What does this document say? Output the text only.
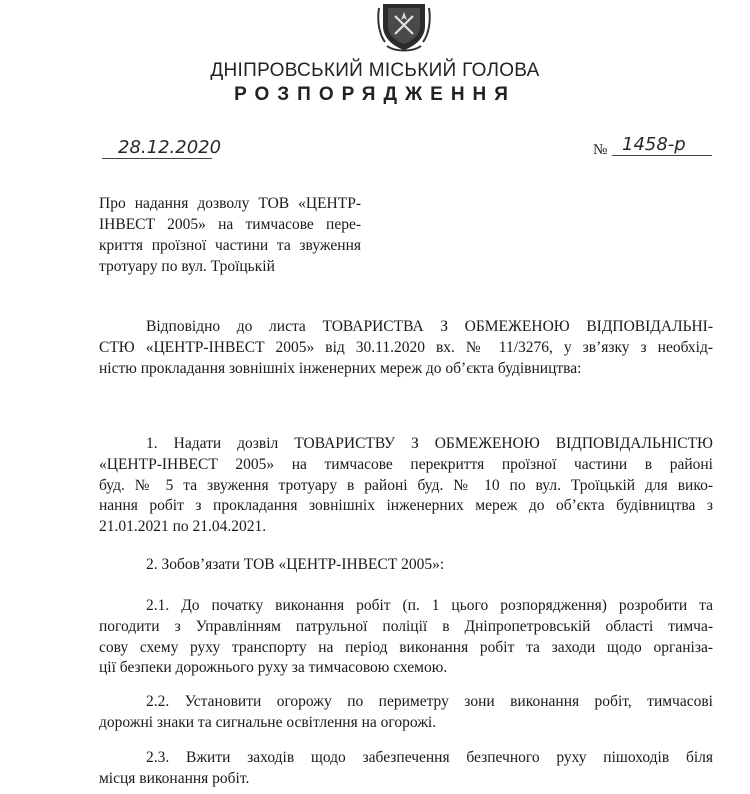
ДНІПРОВСЬКИЙ МІСЬКИЙ ГОЛОВА
РОЗПОРЯДЖЕННЯ
28.12.2020	№ 1458-р
Про надання дозволу ТОВ «ЦЕНТР-
ІНВЕСТ 2005» на тимчасове пере-
криття проїзної частини та звуження
тротуару по вул. Троїцькій
Відповідно до листа ТОВАРИСТВА З ОБМЕЖЕНОЮ ВІДПОВІДАЛЬНІ-
СТЮ «ЦЕНТР-ІНВЕСТ 2005» від 30.11.2020 вх. № 11/3276, у зв’язку з необхід-
ністю прокладання зовнішніх інженерних мереж до об’єкта будівництва:
1. Надати дозвіл ТОВАРИСТВУ З ОБМЕЖЕНОЮ ВІДПОВІДАЛЬНІСТЮ
«ЦЕНТР-ІНВЕСТ 2005» на тимчасове перекриття проїзної частини в районі
буд. № 5 та звуження тротуару в районі буд. № 10 по вул. Троїцькій для вико-
нання робіт з прокладання зовнішніх інженерних мереж до об’єкта будівництва з
21.01.2021 по 21.04.2021.
2. Зобов’язати ТОВ «ЦЕНТР-ІНВЕСТ 2005»:
2.1. До початку виконання робіт (п. 1 цього розпорядження) розробити та
погодити з Управлінням патрульної поліції в Дніпропетровській області тимча-
сову схему руху транспорту на період виконання робіт та заходи щодо організа-
ції безпеки дорожнього руху за тимчасовою схемою.
2.2. Установити огорожу по периметру зони виконання робіт, тимчасові
дорожні знаки та сигнальне освітлення на огорожі.
2.3. Вжити заходів щодо забезпечення безпечного руху пішоходів біля
місця виконання робіт.
